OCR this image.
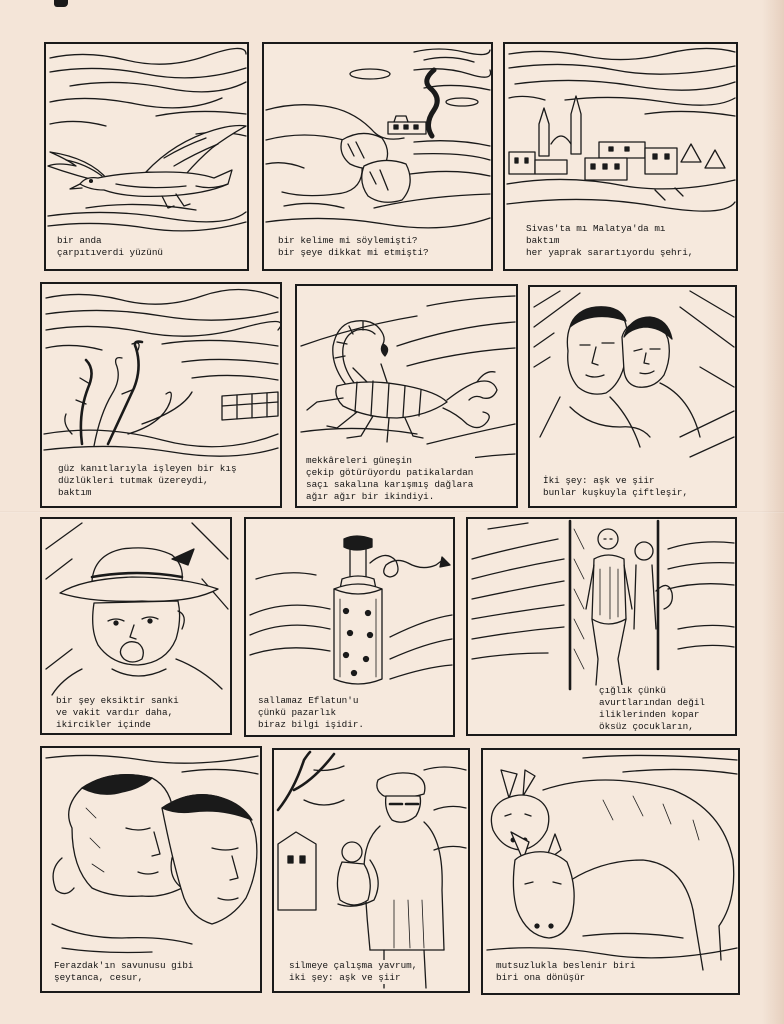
bir anda
çarpıtıverdi yüzünü
bir kelime mi söylemişti?
bir şeye dikkat mi etmişti?
Sivas'ta mı Malatya'da mı
baktım
her yaprak sarartıyordu şehri,
güz kanıtlarıyla işleyen bir kış
düzlükleri tutmak üzereydi,
baktım
mekkâreleri güneşin
çekip götürüyordu patikalardan
saçı sakalına karışmış dağlara
ağır ağır bir ikindiyi.
İki şey: aşk ve şiir
bunlar kuşkuyla çiftleşir,
bir şey eksiktir sanki
ve vakit vardır daha,
ikircikler içinde
sallamaz Eflatun'u
çünkü pazarlık
biraz bilgi işidir.
çığlık çünkü
avurtlarından değil
iliklerinden kopar
öksüz çocukların,
Ferazdak'ın savunusu gibi
şeytanca, cesur,
silmeye çalışma yavrum,
iki şey: aşk ve şiir
mutsuzlukla beslenir biri
biri ona dönüşür
